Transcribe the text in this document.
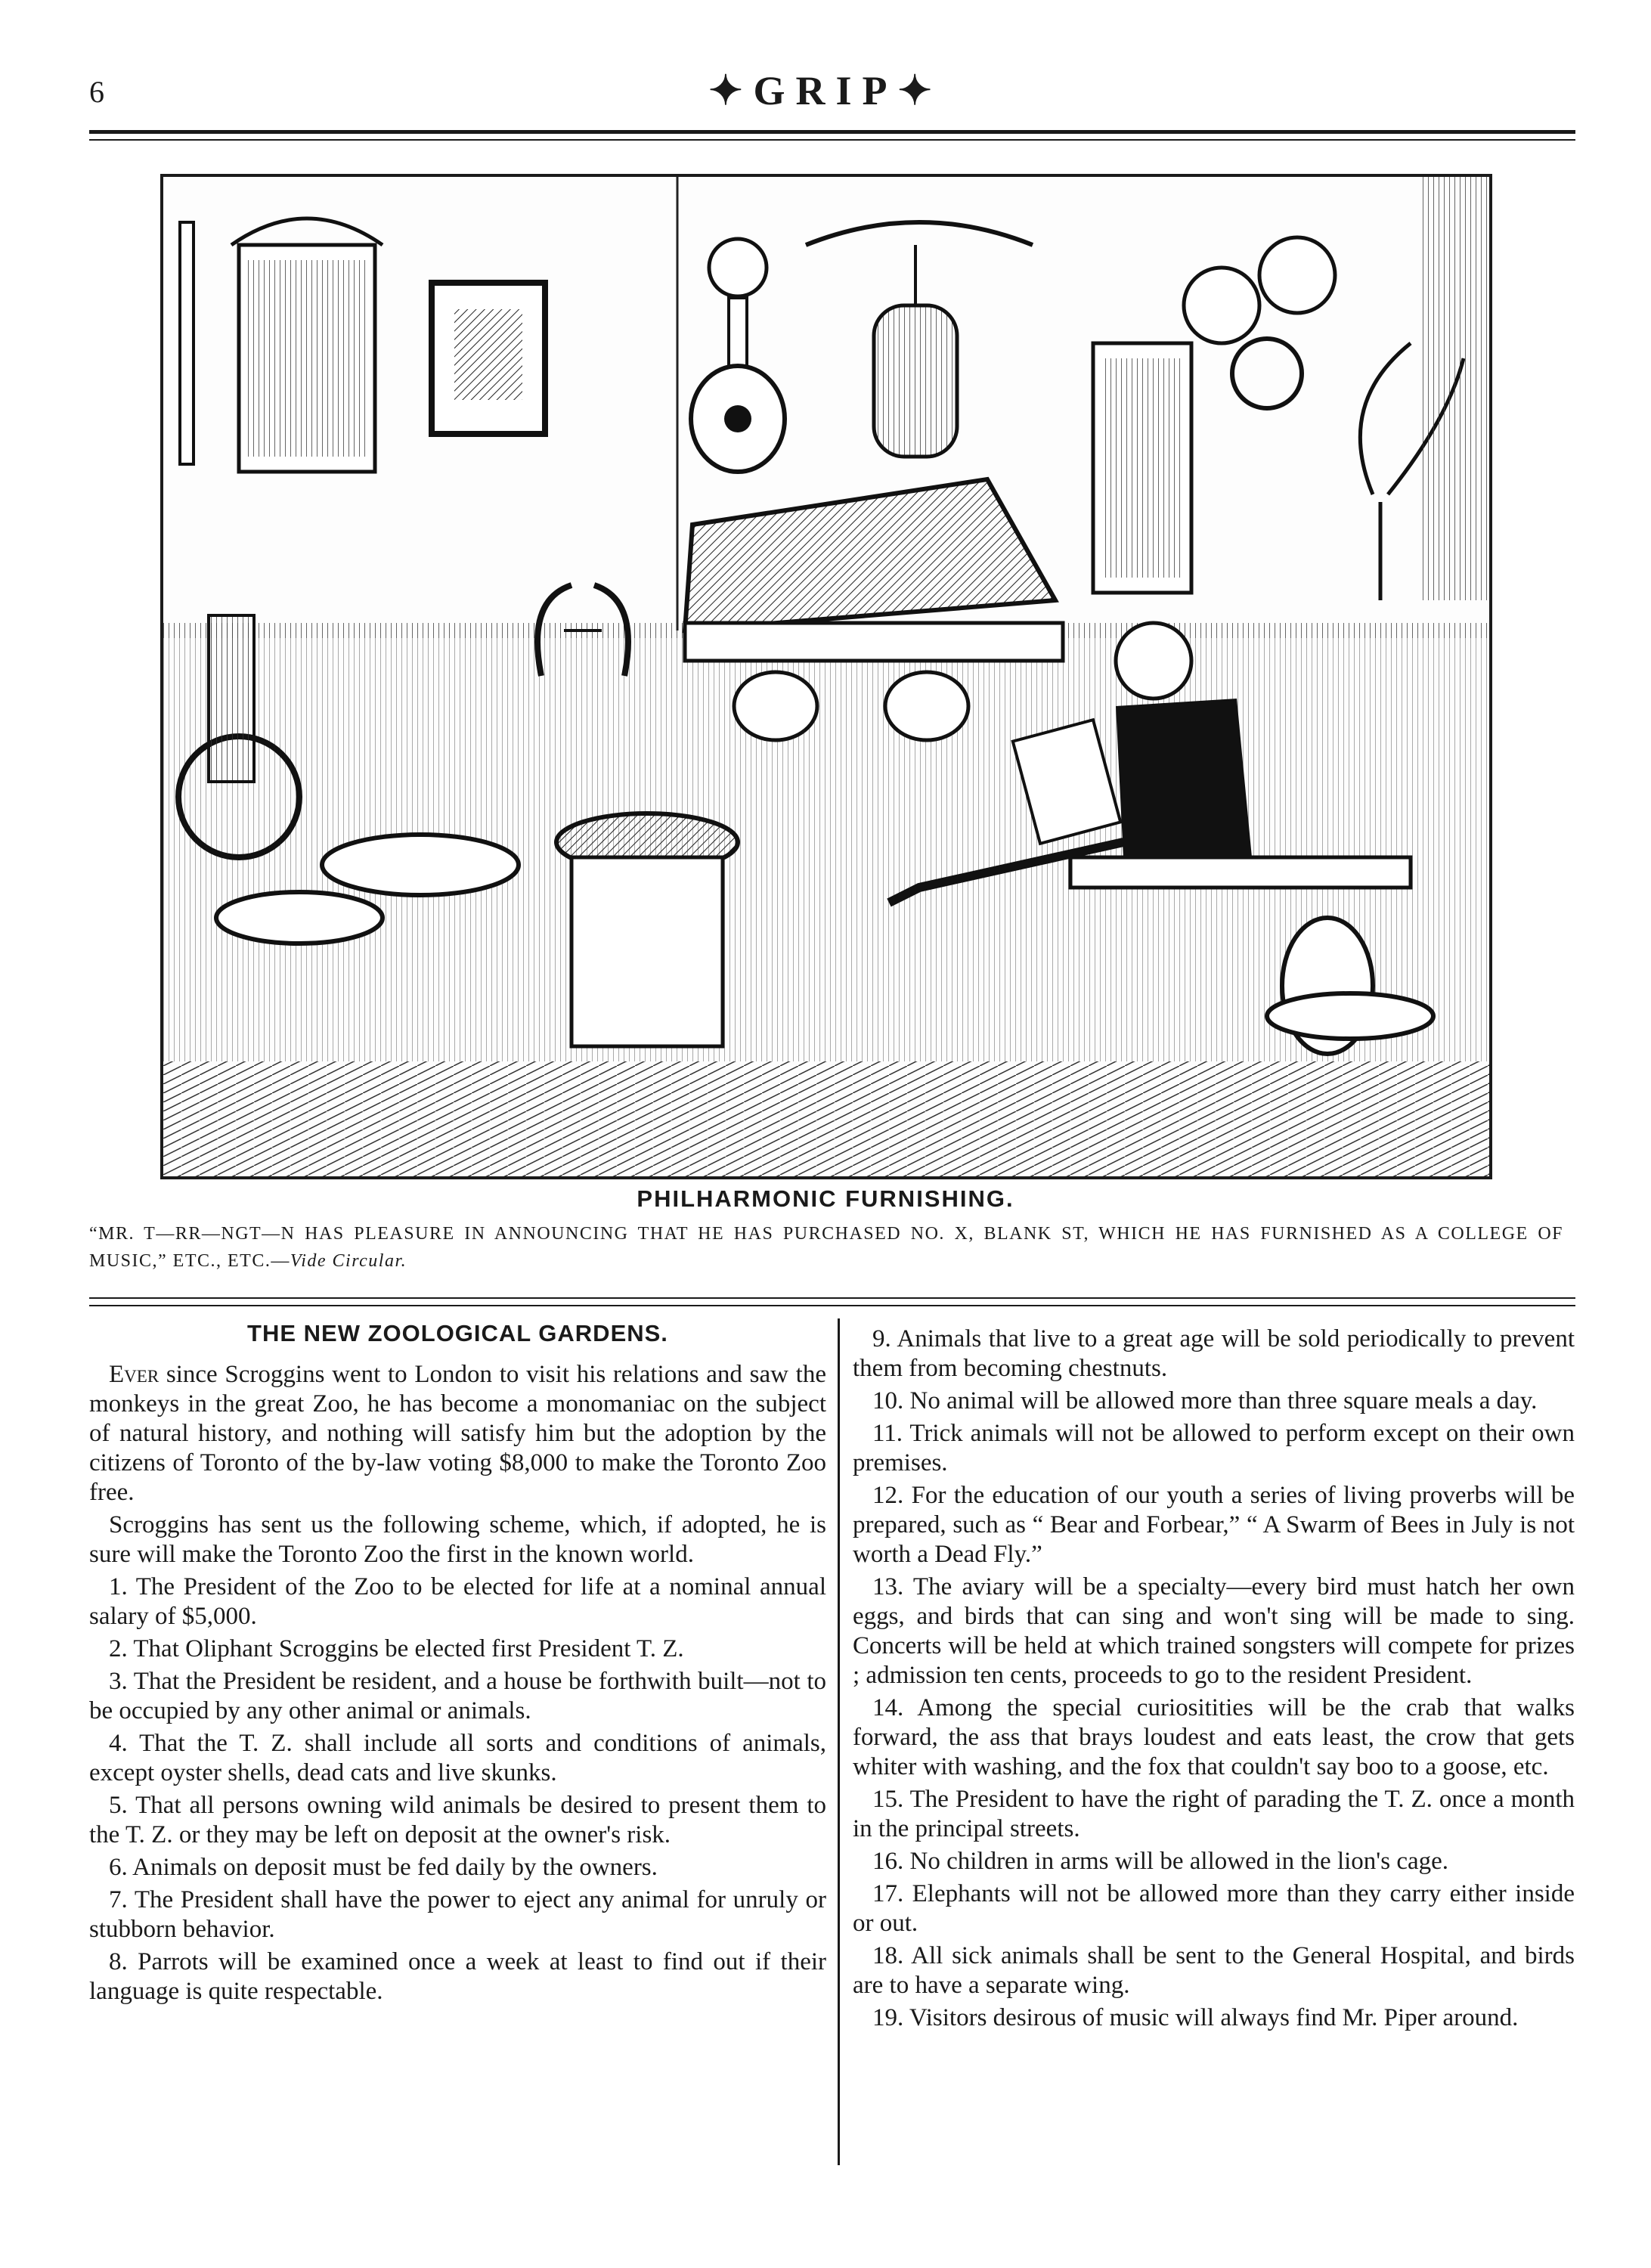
6	✦GRIP✦
PHILHARMONIC FURNISHING.
“MR. T—RR—NGT—N HAS PLEASURE IN ANNOUNCING THAT HE HAS PURCHASED NO. X, BLANK ST, WHICH HE HAS FURNISHED AS A COLLEGE OF MUSIC,” ETC., ETC.—Vide Circular.
THE NEW ZOOLOGICAL GARDENS.

Ever since Scroggins went to London to visit his relations and saw the monkeys in the great Zoo, he has become a monomaniac on the subject of natural history, and nothing will satisfy him but the adoption by the citizens of Toronto of the by-law voting $8,000 to make the Toronto Zoo free.

Scroggins has sent us the following scheme, which, if adopted, he is sure will make the Toronto Zoo the first in the known world.

1. The President of the Zoo to be elected for life at a nominal annual salary of $5,000.

2. That Oliphant Scroggins be elected first President T. Z.

3. That the President be resident, and a house be forthwith built—not to be occupied by any other animal or animals.

4. That the T. Z. shall include all sorts and conditions of animals, except oyster shells, dead cats and live skunks.

5. That all persons owning wild animals be desired to present them to the T. Z. or they may be left on deposit at the owner's risk.

6. Animals on deposit must be fed daily by the owners.

7. The President shall have the power to eject any animal for unruly or stubborn behavior.

8. Parrots will be examined once a week at least to find out if their language is quite respectable.

9. Animals that live to a great age will be sold periodically to prevent them from becoming chestnuts.

10. No animal will be allowed more than three square meals a day.

11. Trick animals will not be allowed to perform except on their own premises.

12. For the education of our youth a series of living proverbs will be prepared, such as “ Bear and Forbear,” “ A Swarm of Bees in July is not worth a Dead Fly.”

13. The aviary will be a specialty—every bird must hatch her own eggs, and birds that can sing and won't sing will be made to sing. Concerts will be held at which trained songsters will compete for prizes ; admission ten cents, proceeds to go to the resident President.

14. Among the special curiositities will be the crab that walks forward, the ass that brays loudest and eats least, the crow that gets whiter with washing, and the fox that couldn't say boo to a goose, etc.

15. The President to have the right of parading the T. Z. once a month in the principal streets.

16. No children in arms will be allowed in the lion's cage.

17. Elephants will not be allowed more than they carry either inside or out.

18. All sick animals shall be sent to the General Hospital, and birds are to have a separate wing.

19. Visitors desirous of music will always find Mr. Piper around.
